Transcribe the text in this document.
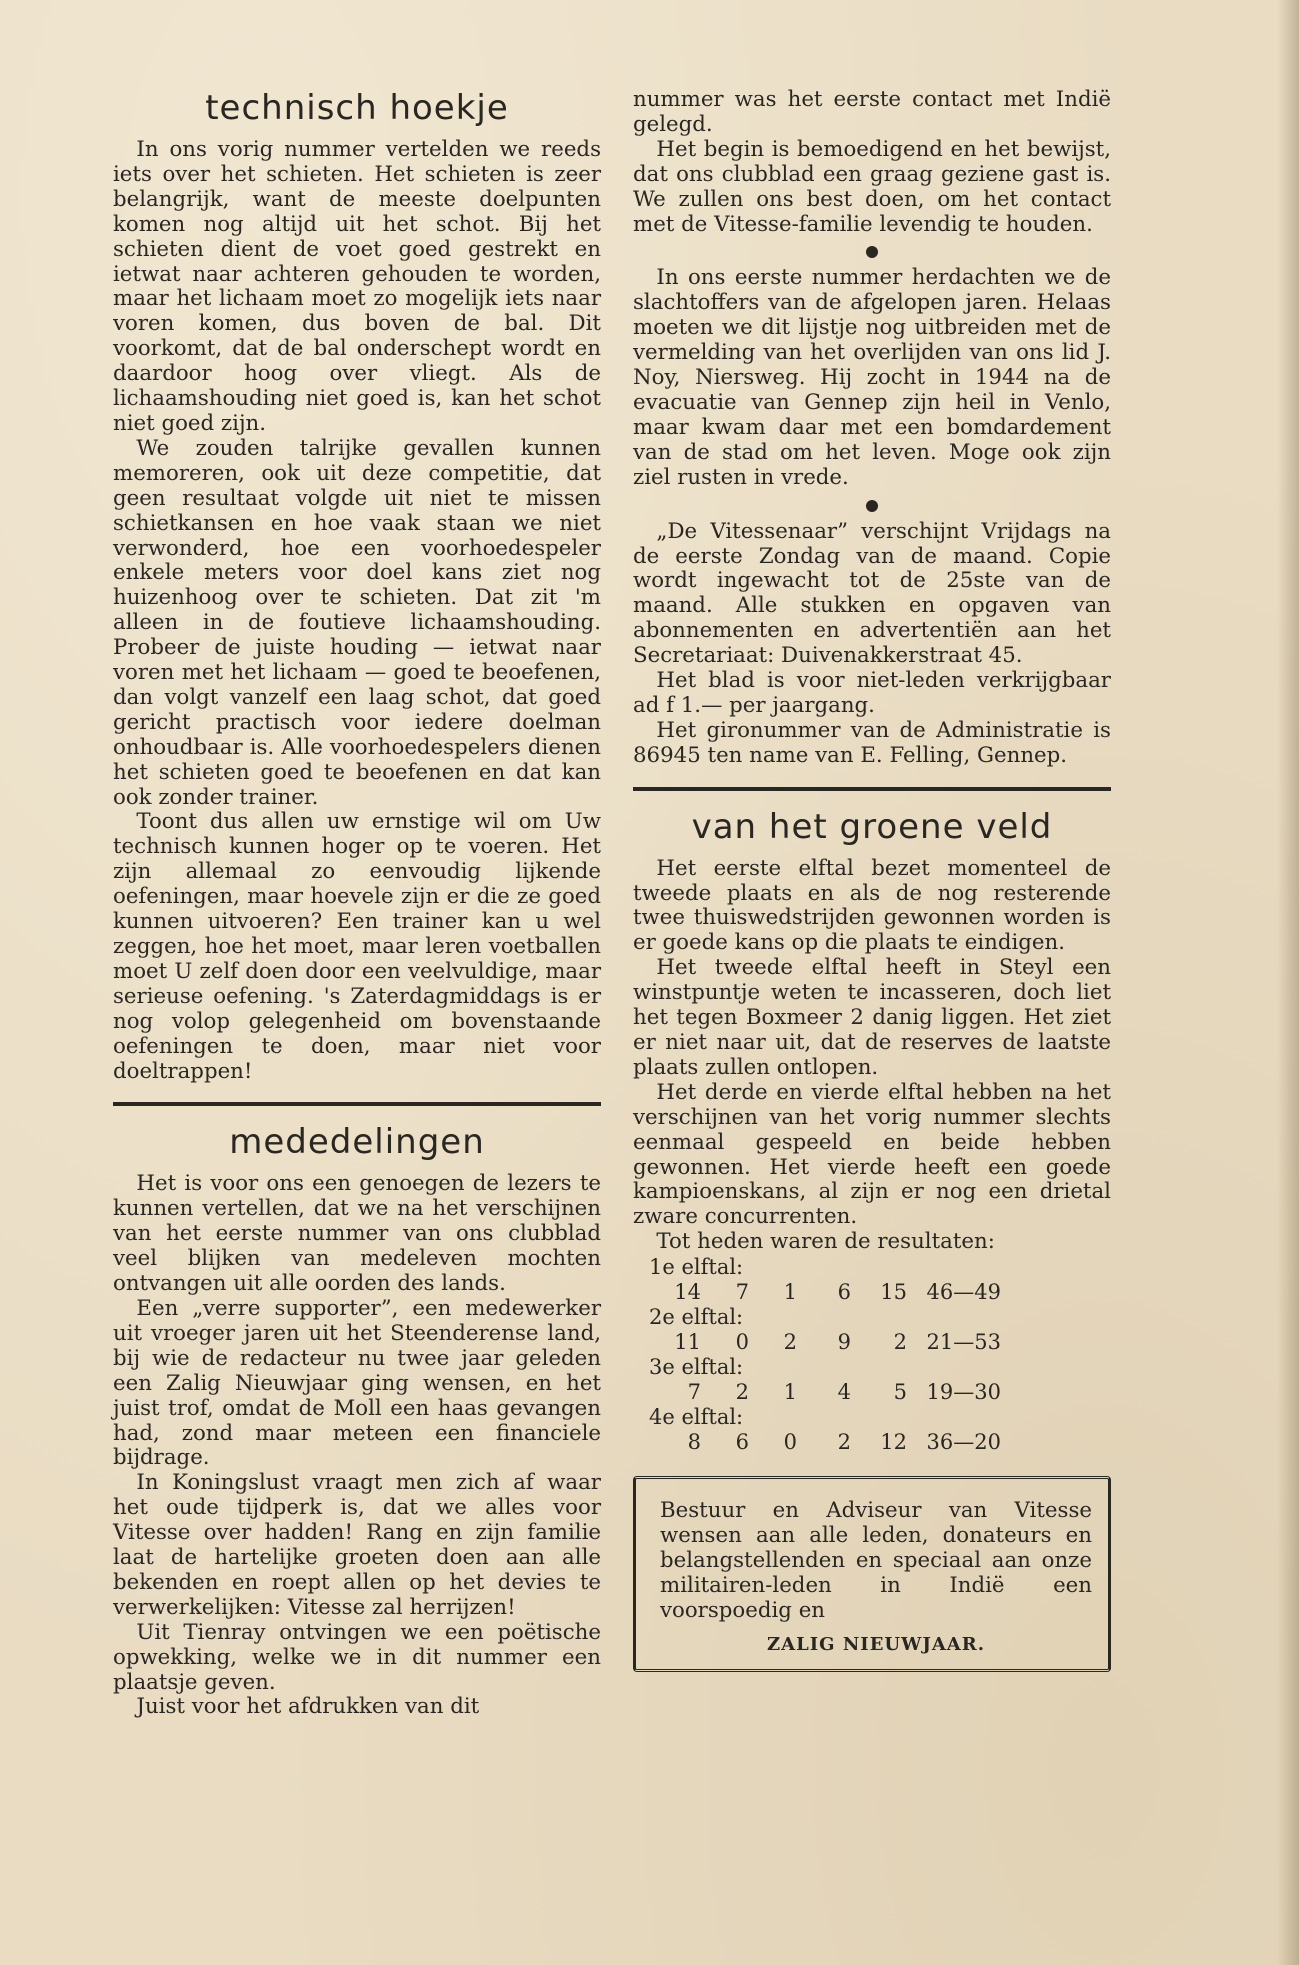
technisch hoekje

In ons vorig nummer vertelden we reeds iets over het schieten. Het schieten is zeer belangrijk, want de meeste doelpunten komen nog altijd uit het schot. Bij het schieten dient de voet goed gestrekt en ietwat naar achteren gehouden te worden, maar het lichaam moet zo mogelijk iets naar voren komen, dus boven de bal. Dit voorkomt, dat de bal onderschept wordt en daardoor hoog over vliegt. Als de lichaamshouding niet goed is, kan het schot niet goed zijn.

We zouden talrijke gevallen kunnen memoreren, ook uit deze competitie, dat geen resultaat volgde uit niet te missen schietkansen en hoe vaak staan we niet verwonderd, hoe een voorhoedespeler enkele meters voor doel kans ziet nog huizenhoog over te schieten. Dat zit 'm alleen in de foutieve lichaamshouding. Probeer de juiste houding — ietwat naar voren met het lichaam — goed te beoefenen, dan volgt vanzelf een laag schot, dat goed gericht practisch voor iedere doelman onhoudbaar is. Alle voorhoedespelers dienen het schieten goed te beoefenen en dat kan ook zonder trainer.

Toont dus allen uw ernstige wil om Uw technisch kunnen hoger op te voeren. Het zijn allemaal zo eenvoudig lijkende oefeningen, maar hoevele zijn er die ze goed kunnen uitvoeren? Een trainer kan u wel zeggen, hoe het moet, maar leren voetballen moet U zelf doen door een veelvuldige, maar serieuse oefening. 's Zaterdagmiddags is er nog volop gelegenheid om bovenstaande oefeningen te doen, maar niet voor doeltrappen!

mededelingen

Het is voor ons een genoegen de lezers te kunnen vertellen, dat we na het verschijnen van het eerste nummer van ons clubblad veel blijken van medeleven mochten ontvangen uit alle oorden des lands.

Een „verre supporter”, een medewerker uit vroeger jaren uit het Steenderense land, bij wie de redacteur nu twee jaar geleden een Zalig Nieuwjaar ging wensen, en het juist trof, omdat de Moll een haas gevangen had, zond maar meteen een financiele bijdrage.

In Koningslust vraagt men zich af waar het oude tijdperk is, dat we alles voor Vitesse over hadden! Rang en zijn familie laat de hartelijke groeten doen aan alle bekenden en roept allen op het devies te verwerkelijken: Vitesse zal herrijzen!

Uit Tienray ontvingen we een poëtische opwekking, welke we in dit nummer een plaatsje geven.

Juist voor het afdrukken van dit

nummer was het eerste contact met Indië gelegd.

Het begin is bemoedigend en het bewijst, dat ons clubblad een graag geziene gast is. We zullen ons best doen, om het contact met de Vitesse-familie levendig te houden.

In ons eerste nummer herdachten we de slachtoffers van de afgelopen jaren. Helaas moeten we dit lijstje nog uitbreiden met de vermelding van het overlijden van ons lid J. Noy, Niersweg. Hij zocht in 1944 na de evacuatie van Gennep zijn heil in Venlo, maar kwam daar met een bomdardement van de stad om het leven. Moge ook zijn ziel rusten in vrede.

„De Vitessenaar” verschijnt Vrijdags na de eerste Zondag van de maand. Copie wordt ingewacht tot de 25ste van de maand. Alle stukken en opgaven van abonnementen en advertentiën aan het Secretariaat: Duivenakkerstraat 45.

Het blad is voor niet-leden verkrijgbaar ad f 1.— per jaargang.

Het gironummer van de Administratie is 86945 ten name van E. Felling, Gennep.

van het groene veld

Het eerste elftal bezet momenteel de tweede plaats en als de nog resterende twee thuiswedstrijden gewonnen worden is er goede kans op die plaats te eindigen.

Het tweede elftal heeft in Steyl een winstpuntje weten te incasseren, doch liet het tegen Boxmeer 2 danig liggen. Het ziet er niet naar uit, dat de reserves de laatste plaats zullen ontlopen.

Het derde en vierde elftal hebben na het verschijnen van het vorig nummer slechts eenmaal gespeeld en beide hebben gewonnen. Het vierde heeft een goede kampioenskans, al zijn er nog een drietal zware concurrenten.

Tot heden waren de resultaten:

1e elftal:					
14	7	1	6	15	46—49
2e elftal:					
11	0	2	9	2	21—53
3e elftal:					
7	2	1	4	5	19—30
4e elftal:					
8	6	0	2	12	36—20

Bestuur en Adviseur van Vitesse wensen aan alle leden, donateurs en belangstellenden en speciaal aan onze militairen-leden in Indië een voorspoedig en

ZALIG NIEUWJAAR.
